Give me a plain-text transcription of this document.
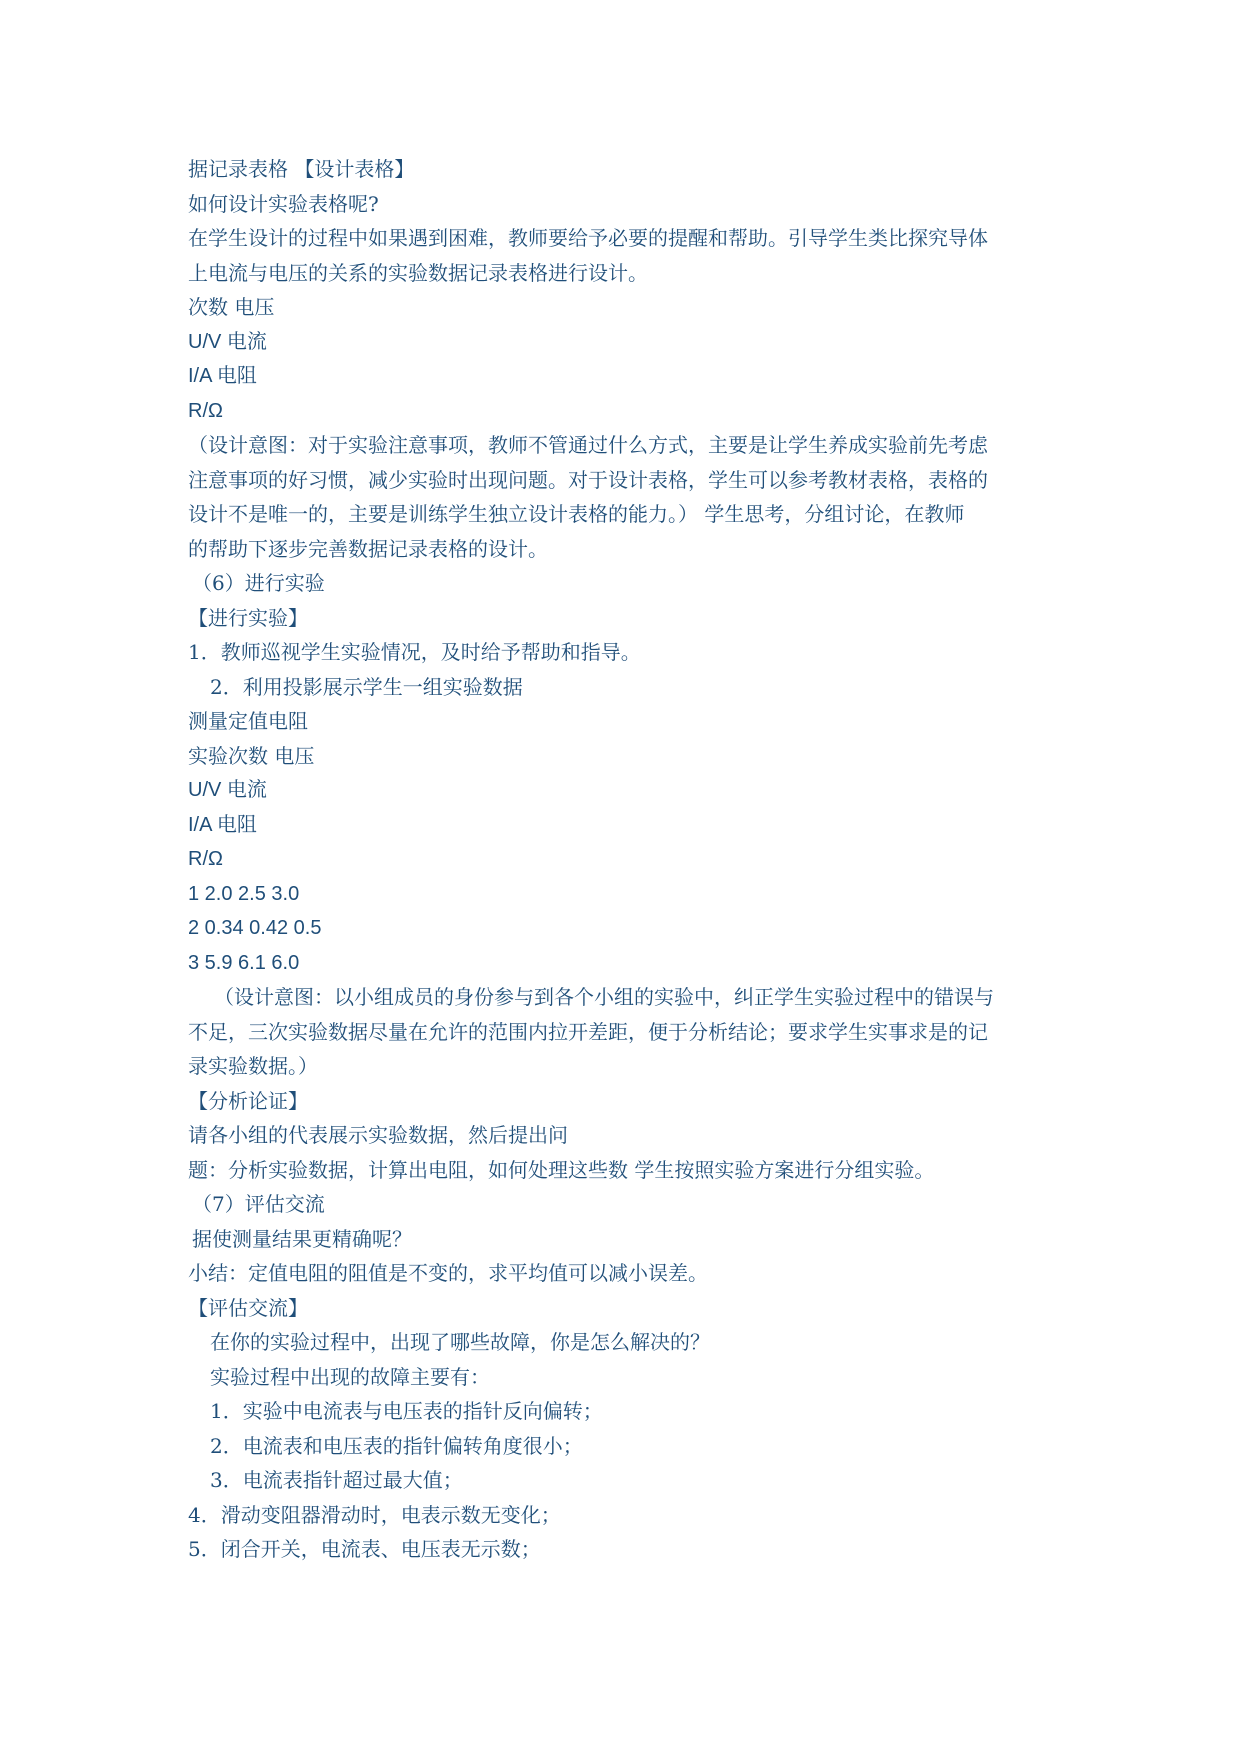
据记录表格 【设计表格】
如何设计实验表格呢?
在学生设计的过程中如果遇到困难，教师要给予必要的提醒和帮助。引导学生类比探究导体
上电流与电压的关系的实验数据记录表格进行设计。
次数 电压
U/V 电流
I/A 电阻
R/Ω
（设计意图：对于实验注意事项，教师不管通过什么方式，主要是让学生养成实验前先考虑
注意事项的好习惯，减少实验时出现问题。对于设计表格，学生可以参考教材表格，表格的
设计不是唯一的，主要是训练学生独立设计表格的能力。） 学生思考，分组讨论，在教师
的帮助下逐步完善数据记录表格的设计。
（6）进行实验
【进行实验】
1．教师巡视学生实验情况，及时给予帮助和指导。
2．利用投影展示学生一组实验数据
测量定值电阻
实验次数 电压
U/V 电流
I/A 电阻
R/Ω
1 2.0 2.5 3.0
2 0.34 0.42 0.5
3 5.9 6.1 6.0
（设计意图：以小组成员的身份参与到各个小组的实验中，纠正学生实验过程中的错误与
不足，三次实验数据尽量在允许的范围内拉开差距，便于分析结论；要求学生实事求是的记
录实验数据。）
【分析论证】
请各小组的代表展示实验数据，然后提出问
题：分析实验数据，计算出电阻，如何处理这些数 学生按照实验方案进行分组实验。
（7）评估交流
据使测量结果更精确呢？
小结：定值电阻的阻值是不变的，求平均值可以减小误差。
【评估交流】
在你的实验过程中，出现了哪些故障，你是怎么解决的？
实验过程中出现的故障主要有：
1．实验中电流表与电压表的指针反向偏转；
2．电流表和电压表的指针偏转角度很小；
3．电流表指针超过最大值；
4．滑动变阻器滑动时，电表示数无变化；
5．闭合开关，电流表、电压表无示数；
